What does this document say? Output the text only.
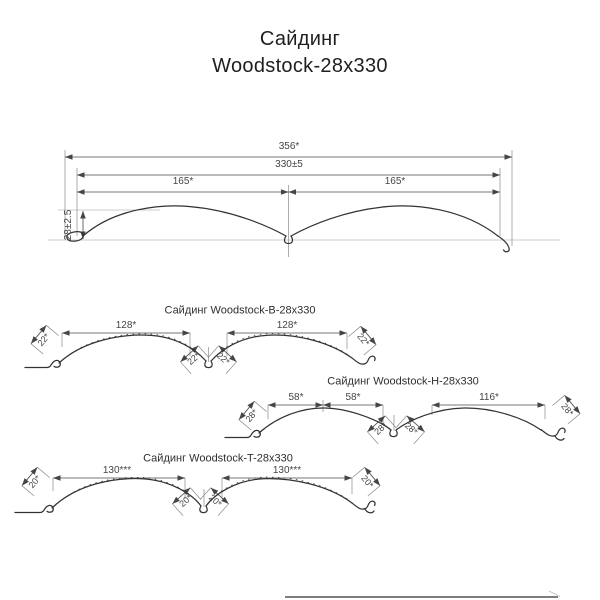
Сайдинг
Woodstock-28x330
356*
330±5
165*	165*
28±2.5
Сайдинг Woodstock-B-28x330
128*	128*
22*
22* 22*
22*
Сайдинг Woodstock-H-28x330
58*	58*	116*
28*
28* 28*
28*
Сайдинг Woodstock-T-28x330
130***	130***
20*
20* 20*
20*
